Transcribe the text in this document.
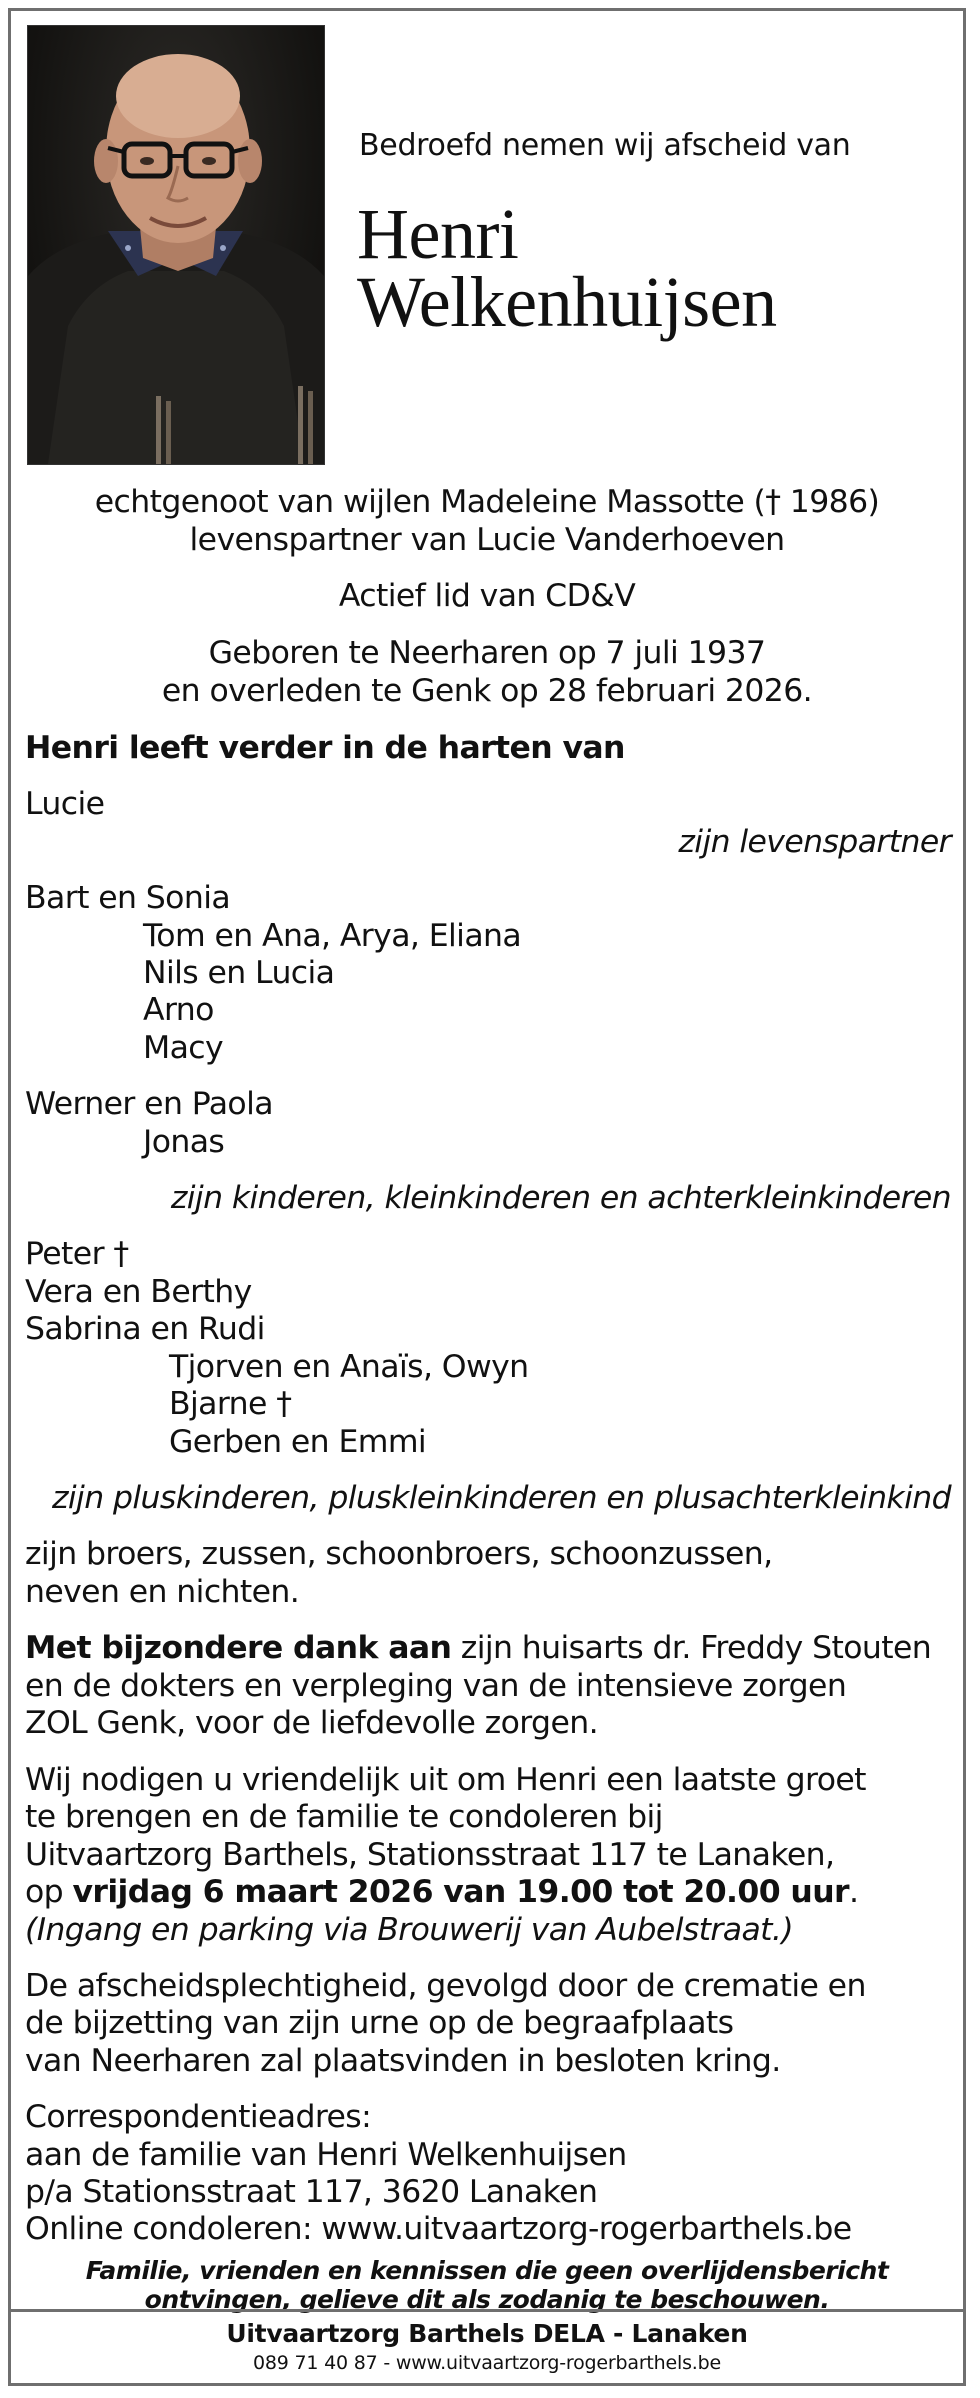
Bedroefd nemen wij afscheid van
Henri
Welkenhuijsen
echtgenoot van wijlen Madeleine Massotte († 1986)
levenspartner van Lucie Vanderhoeven
Actief lid van CD&V
Geboren te Neerharen op 7 juli 1937
en overleden te Genk op 28 februari 2026.
Henri leeft verder in de harten van
Lucie
zijn levenspartner
Bart en Sonia
Tom en Ana, Arya, Eliana
Nils en Lucia
Arno
Macy
Werner en Paola
Jonas
zijn kinderen, kleinkinderen en achterkleinkinderen
Peter †
Vera en Berthy
Sabrina en Rudi
Tjorven en Anaïs, Owyn
Bjarne †
Gerben en Emmi
zijn pluskinderen, pluskleinkinderen en plusachterkleinkind
zijn broers, zussen, schoonbroers, schoonzussen,
neven en nichten.
Met bijzondere dank aan zijn huisarts dr. Freddy Stouten
en de dokters en verpleging van de intensieve zorgen
ZOL Genk, voor de liefdevolle zorgen.
Wij nodigen u vriendelijk uit om Henri een laatste groet
te brengen en de familie te condoleren bij
Uitvaartzorg Barthels, Stationsstraat 117 te Lanaken,
op vrijdag 6 maart 2026 van 19.00 tot 20.00 uur.
(Ingang en parking via Brouwerij van Aubelstraat.)
De afscheidsplechtigheid, gevolgd door de crematie en
de bijzetting van zijn urne op de begraafplaats
van Neerharen zal plaatsvinden in besloten kring.
Correspondentieadres:
aan de familie van Henri Welkenhuijsen
p/a Stationsstraat 117, 3620 Lanaken
Online condoleren: www.uitvaartzorg-rogerbarthels.be
Familie, vrienden en kennissen die geen overlijdensbericht
ontvingen, gelieve dit als zodanig te beschouwen.
Uitvaartzorg Barthels DELA - Lanaken
089 71 40 87 - www.uitvaartzorg-rogerbarthels.be
